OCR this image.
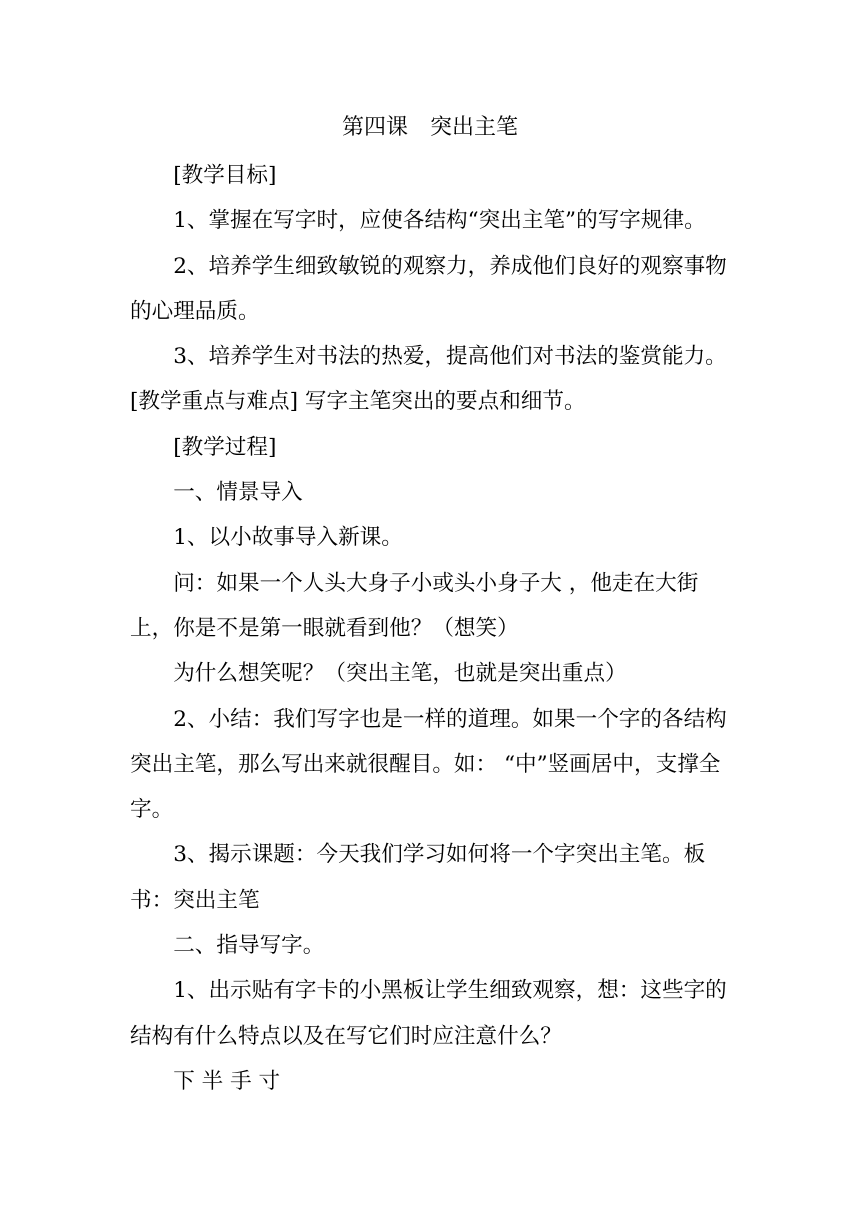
第四课　突出主笔

[教学目标]

1、掌握在写字时，应使各结构“突出主笔”的写字规律。

2、培养学生细致敏锐的观察力，养成他们良好的观察事物的心理品质。

3、培养学生对书法的热爱，提高他们对书法的鉴赏能力。

[教学重点与难点] 写字主笔突出的要点和细节。

[教学过程]

一、情景导入

1、以小故事导入新课。

问：如果一个人头大身子小或头小身子大 ，他走在大街上，你是不是第一眼就看到他？（想笑）

为什么想笑呢？（突出主笔，也就是突出重点）

2、小结：我们写字也是一样的道理。如果一个字的各结构突出主笔，那么写出来就很醒目。如： “中”竖画居中，支撑全字。

3、揭示课题：今天我们学习如何将一个字突出主笔。板书：突出主笔

二、指导写字。

1、出示贴有字卡的小黑板让学生细致观察，想：这些字的结构有什么特点以及在写它们时应注意什么？

下 半 手 寸
